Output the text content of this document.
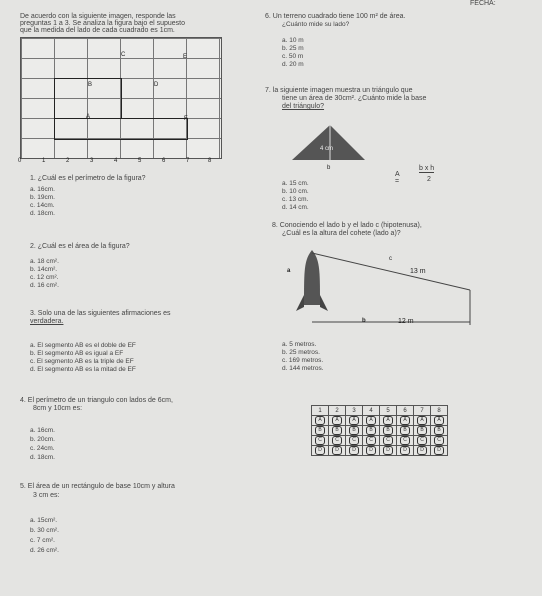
FECHA:
De acuerdo con la siguiente imagen, responde las
preguntas 1 a 3. Se analiza la figura bajo el supuesto
que la medida del lado de cada cuadrado es 1cm.
C	E
B	D
A	F
0	1	2	3	4	5	6	7	8
1. ¿Cuál es el perímetro de la figura?
a. 16cm.
b. 19cm.
c. 14cm.
d. 18cm.
2. ¿Cuál es el área de la figura?
a. 18 cm².
b. 14cm².
c. 12 cm².
d. 16 cm².
3. Solo una de las siguientes afirmaciones es
verdadera.
a. El segmento AB es el doble de EF
b. El segmento AB es igual a EF
c. El segmento AB es la triple de EF
d. El segmento AB es la mitad de EF
4. El perímetro de un triangulo con lados de 6cm,
8cm y 10cm es:
a. 16cm.
b. 20cm.
c. 24cm.
d. 18cm.
5. El área de un rectángulo de base 10cm y altura
3 cm es:
a. 15cm².
b. 30 cm².
c. 7 cm².
d. 26 cm².
6. Un terreno cuadrado tiene 100 m² de área.
¿Cuánto mide su lado?
a. 10 m
b. 25 m
c. 50 m
d. 20 m
7. la siguiente imagen muestra un triángulo que
tiene un área de 30cm². ¿Cuánto mide la base
del triángulo?
4 cm
b
A =
b x h
2
a. 15 cm.
b. 10 cm.
c. 13 cm.
d. 14 cm.
8. Conociendo el lado b y el lado c (hipotenusa),
¿Cuál es la altura del cohete (lado a)?
a
c
13 m
b	12 m
a. 5 metros.
b. 25 metros.
c. 169 metros.
d. 144 metros.
1	2	3	4	5	6	7	8
A	A	A	A	A	A	A	A
B	B	B	B	B	B	B	B
C	C	C	C	C	C	C	C
D	D	D	D	D	D	D	D
